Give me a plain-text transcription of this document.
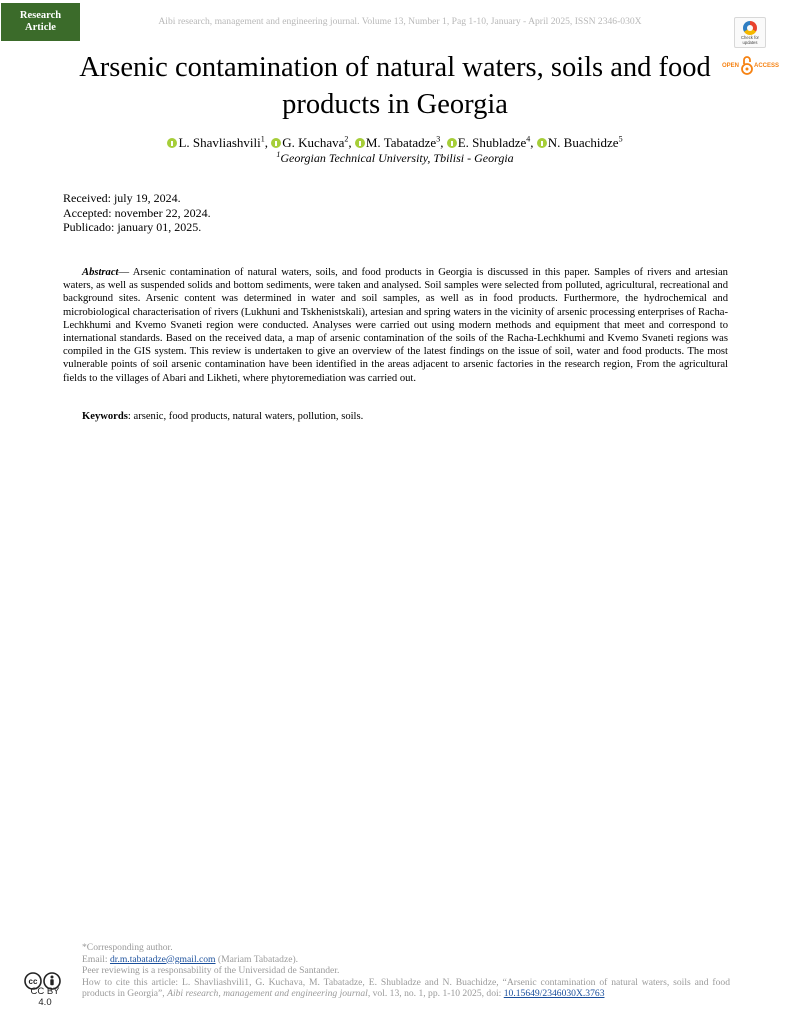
Research
Article
Aibi research, management and engineering journal. Volume 13, Number 1, Pag 1-10, January - April 2025, ISSN 2346-030X
Check for updates
OPEN ACCESS
Arsenic contamination of natural waters, soils and food products in Georgia
L. Shavliashvili$^1$, G. Kuchava$^2$, M. Tabatadze$^3$, E. Shubladze$^4$, N. Buachidze$^5$
$^1$Georgian Technical University, Tbilisi - Georgia
Received: july 19, 2024.
Accepted: november 22, 2024.
Publicado: january 01, 2025.

Abstract— Arsenic contamination of natural waters, soils, and food products in Georgia is discussed in this paper. Samples of rivers and artesian waters, as well as suspended solids and bottom sediments, were taken and analysed. Soil samples were selected from polluted, agricultural, recreational and background sites. Arsenic content was determined in water and soil samples, as well as in food products. Furthermore, the hydrochemical and microbiological characterisation of rivers (Lukhuni and Tskhenistskali), artesian and spring waters in the vicinity of arsenic processing enterprises of Racha-Lechkhumi and Kvemo Svaneti region were conducted. Analyses were carried out using modern methods and equipment that meet and correspond to international standards. Based on the received data, a map of arsenic contamination of the soils of the Racha-Lechkhumi and Kvemo Svaneti regions was compiled in the GIS system. This review is undertaken to give an overview of the latest findings on the issue of soil, water and food products. The most vulnerable points of soil arsenic contamination have been identified in the areas adjacent to arsenic factories in the research region, From the agricultural fields to the villages of Abari and Likheti, where phytoremediation was carried out.

Keywords: arsenic, food products, natural waters, pollution, soils.
cc
CC BY 4.0
*Corresponding author.
Email: dr.m.tabatadze@gmail.com (Mariam Tabatadze).
Peer reviewing is a responsability of the Universidad de Santander.
How to cite this article: L. Shavliashvili1, G. Kuchava, M. Tabatadze, E. Shubladze and N. Buachidze, “Arsenic contamination of natural waters, soils and food products in Georgia”, Aibi research, management and engineering journal, vol. 13, no. 1, pp. 1-10 2025, doi: 10.15649/2346030X.3763
